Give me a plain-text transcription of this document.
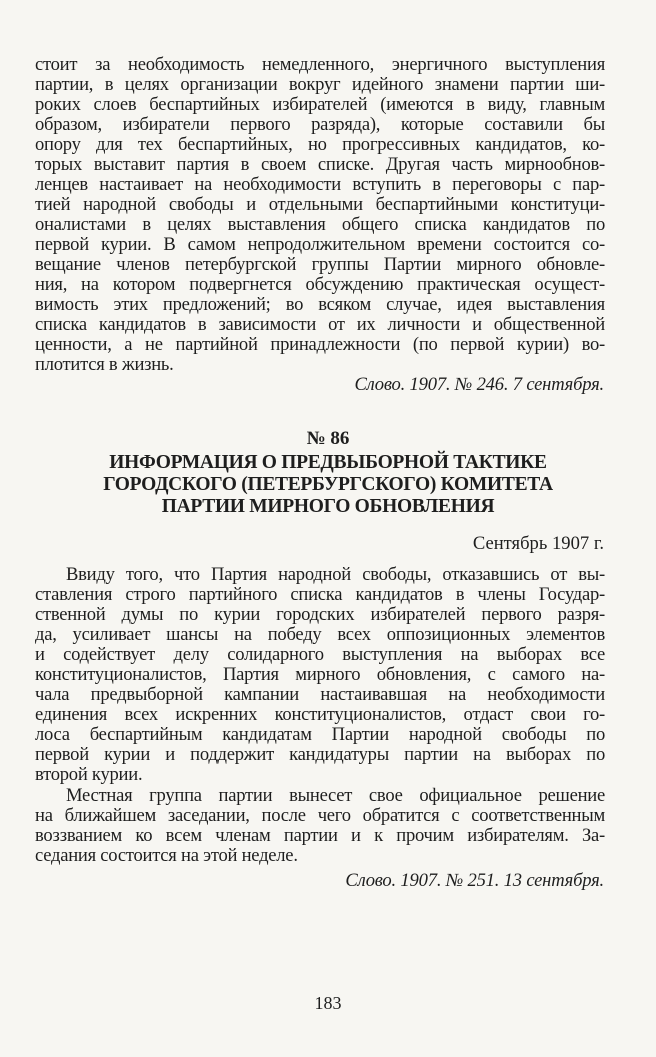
стоит за необходимость немедленного, энергичного выступления
партии, в целях организации вокруг идейного знамени партии ши-
роких слоев беспартийных избирателей (имеются в виду, главным
образом, избиратели первого разряда), которые составили бы
опору для тех беспартийных, но прогрессивных кандидатов, ко-
торых выставит партия в своем списке. Другая часть мирнообнов-
ленцев настаивает на необходимости вступить в переговоры с пар-
тией народной свободы и отдельными беспартийными конституци-
оналистами в целях выставления общего списка кандидатов по
первой курии. В самом непродолжительном времени состоится со-
вещание членов петербургской группы Партии мирного обновле-
ния, на котором подвергнется обсуждению практическая осущест-
вимость этих предложений; во всяком случае, идея выставления
списка кандидатов в зависимости от их личности и общественной
ценности, а не партийной принадлежности (по первой курии) во-
плотится в жизнь.
Слово. 1907. № 246. 7 сентября.
№ 86
ИНФОРМАЦИЯ О ПРЕДВЫБОРНОЙ ТАКТИКЕ
ГОРОДСКОГО (ПЕТЕРБУРГСКОГО) КОМИТЕТА
ПАРТИИ МИРНОГО ОБНОВЛЕНИЯ
Сентябрь 1907 г.
Ввиду того, что Партия народной свободы, отказавшись от вы-
ставления строго партийного списка кандидатов в члены Государ-
ственной думы по курии городских избирателей первого разря-
да, усиливает шансы на победу всех оппозиционных элементов
и содействует делу солидарного выступления на выборах все
конституционалистов, Партия мирного обновления, с самого на-
чала предвыборной кампании настаивавшая на необходимости
единения всех искренних конституционалистов, отдаст свои го-
лоса беспартийным кандидатам Партии народной свободы по
первой курии и поддержит кандидатуры партии на выборах по
второй курии.
Местная группа партии вынесет свое официальное решение
на ближайшем заседании, после чего обратится с соответственным
воззванием ко всем членам партии и к прочим избирателям. За-
седания состоится на этой неделе.
Слово. 1907. № 251. 13 сентября.
183
